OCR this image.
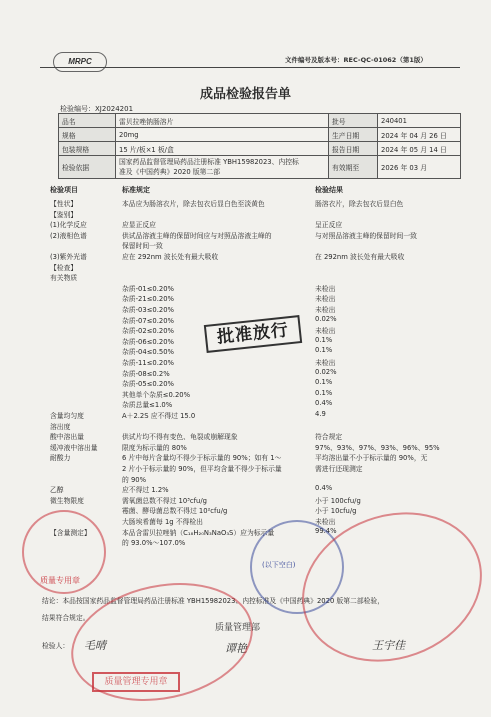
MRPC	文件编号及版本号：REC-QC-01062（第1版）
成品检验报告单
检验编号：XJ2024201
品名	雷贝拉唑钠肠溶片	批号	240401
规格	20mg	生产日期	2024 年 04 月 26 日
包装规格	15 片/板×1 板/盒	报告日期	2024 年 05 月 14 日
检验依据	国家药品监督管理局药品注册标准 YBH15982023、内控标
准及《中国药典》2020 版第二部	有效期至	2026 年 03 月
检验项目	标准规定	检验结果
【性状】	本品应为肠溶衣片，除去包衣后显白色至淡黄色	肠溶衣片，除去包衣后显白色
【鉴别】
(1)化学反应	应显正反应	呈正反应
(2)液相色谱	供试品溶液主峰的保留时间应与对照品溶液主峰的	与对照品溶液主峰的保留时间一致
保留时间一致
(3)紫外光谱	应在 292nm 波长处有最大吸收	在 292nm 波长处有最大吸收
【检查】
有关物质
杂质-01≤0.20%	未检出
杂质-21≤0.20%	未检出
杂质-03≤0.20%	未检出
杂质-07≤0.20%	0.02%
杂质-02≤0.20%	未检出
杂质-06≤0.20%	0.1%
杂质-04≤0.50%	0.1%
杂质-11≤0.20%	未检出
杂质-08≤0.2%	0.02%
杂质-05≤0.20%	0.1%
其他单个杂质≤0.20%	0.1%
杂质总量≤1.0%	0.4%
含量均匀度	A＋2.2S 应不得过 15.0	4.9
溶出度
酸中溶出量	供试片均不得有变色、龟裂或崩解现象	符合规定
缓冲液中溶出量	限度为标示量的 80%	97%、93%、97%、93%、96%、95%
耐酸力	6 片中每片含量均不得少于标示量的 90%；如有 1～	平均溶出量不小于标示量的 90%，无
2 片小于标示量的 90%，但平均含量不得少于标示量	需进行还现测定
的 90%
乙醇	应不得过 1.2%	0.4%
微生物限度	需氧菌总数不得过 10³cfu/g	小于 100cfu/g
霉菌、酵母菌总数不得过 10²cfu/g	小于 10cfu/g
大肠埃希菌每 1g 不得检出	未检出
【含量测定】	本品含雷贝拉唑钠（C₁₈H₂₀N₃NaO₃S）应为标示量	99.4%
的 93.0%～107.0%
结论：本品按国家药品监督管理局药品注册标准 YBH15982023、内控标准及《中国药典》2020 版第二部检验，
结果符合规定。
检验人： 毛晴	谭艳	王宇佳
批准放行
质量专用章
质量管理专用章
(以下空白)
质量管理部
